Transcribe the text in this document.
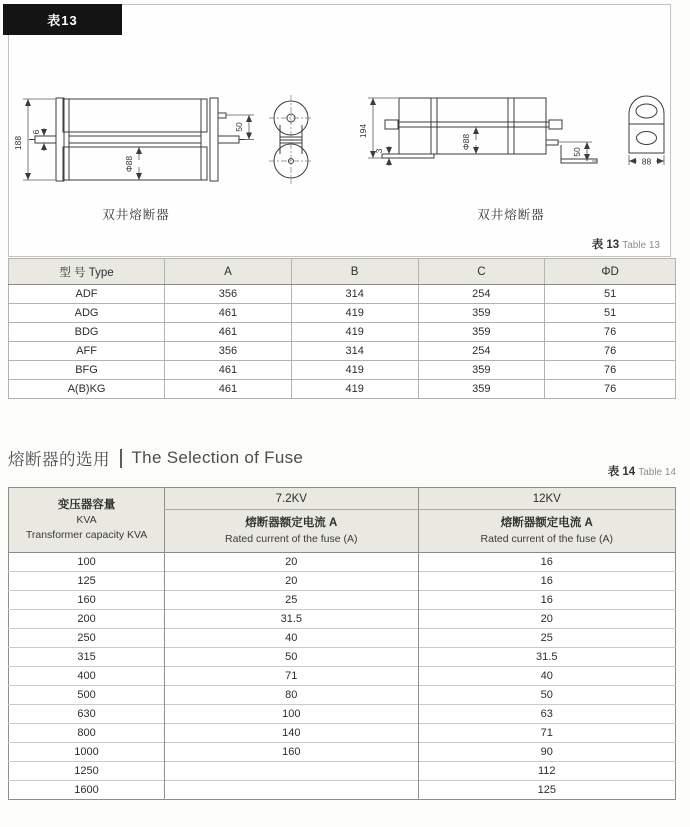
188
6
Φ88
50	194
3
Φ88
50
88
双井熔断器	双井熔断器
表 13 Table 13
表13
型 号 Type	A	B	C	ΦD
ADF	356	314	254	51
ADG	461	419	359	51
BDG	461	419	359	76
AFF	356	314	254	76
BFG	461	419	359	76
A(B)KG	461	419	359	76
熔断器的选用 The Selection of Fuse
表 14 Table 14
变压器容量
KVA
Transformer capacity KVA	7.2KV	12KV

熔断器额定电流 A
Rated current of the fuse (A)

熔断器额定电流 A
Rated current of the fuse (A)

100	20	16
125	20	16
160	25	16
200	31.5	20
250	40	25
315	50	31.5
400	71	40
500	80	50
630	100	63
800	140	71
1000	160	90
1250		112
1600		125
